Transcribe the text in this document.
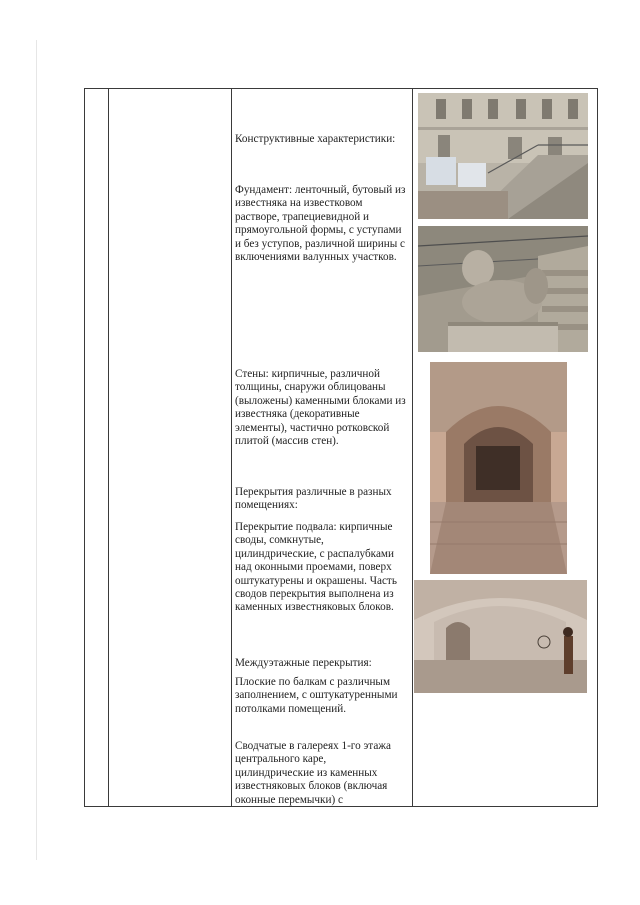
Конструктивные характеристики:

Фундамент: ленточный, бутовый из известняка на известковом растворе, трапециевидной и прямоугольной формы, с уступами и без уступов, различной ширины с включениями валунных участков.

Стены: кирпичные, различной толщины, снаружи облицованы (выложены) каменными блоками из известняка (декоративные элементы), частично ротковской плитой (массив стен).

Перекрытия различные в разных помещениях:

Перекрытие подвала: кирпичные своды, сомкнутые, цилиндрические, с распалубками над оконными проемами, поверх оштукатурены и окрашены. Часть сводов перекрытия выполнена из каменных известняковых блоков.

Междуэтажные перекрытия:

Плоские по балкам с различным заполнением, с оштукатуренными потолками помещений.

Сводчатые в галереях 1-го этажа центрального каре, цилиндрические из каменных известняковых блоков (включая оконные перемычки) с
